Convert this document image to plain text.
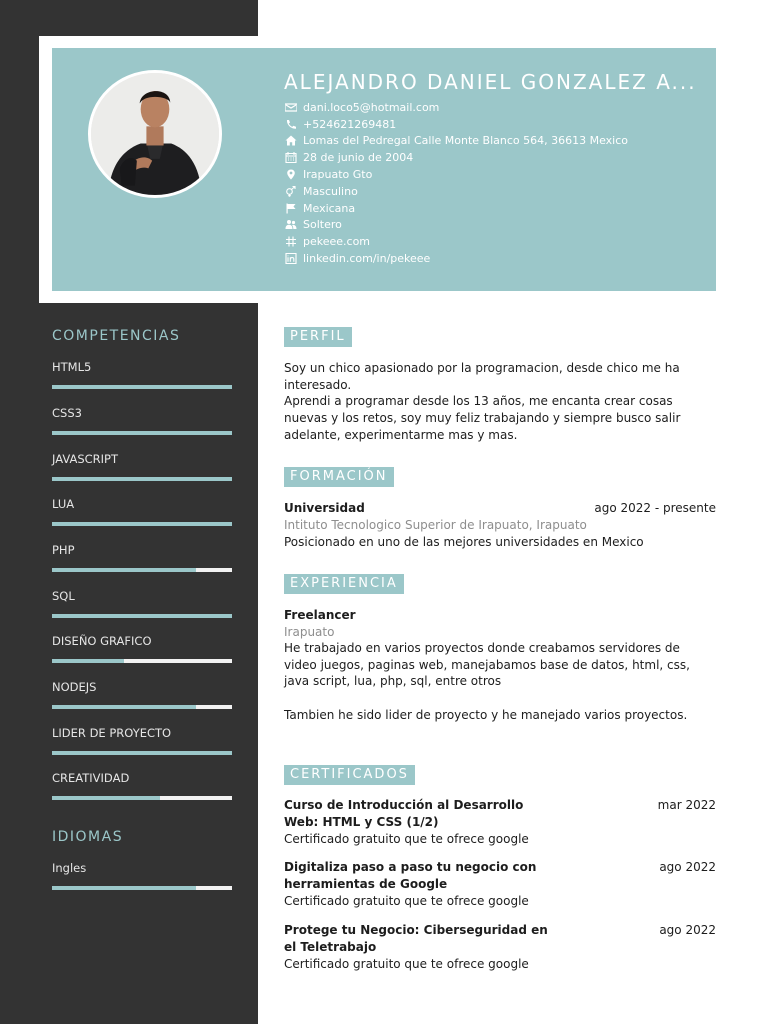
ALEJANDRO DANIEL GONZALEZ A...
dani.loco5@hotmail.com
+524621269481
Lomas del Pedregal Calle Monte Blanco 564, 36613 Mexico
28 de junio de 2004
Irapuato Gto
Masculino
Mexicana
Soltero
pekeee.com
linkedin.com/in/pekeee
COMPETENCIAS
HTML5
CSS3
JAVASCRIPT
LUA
PHP
SQL
DISEÑO GRAFICO
NODEJS
LIDER DE PROYECTO
CREATIVIDAD
IDIOMAS
Ingles
PERFIL
Soy un chico apasionado por la programacion, desde chico me ha interesado.
Aprendi a programar desde los 13 años, me encanta crear cosas nuevas y los retos, soy muy feliz trabajando y siempre busco salir adelante, experimentarme mas y mas.
FORMACIÓN
Universidad	ago 2022 - presente
Intituto Tecnologico Superior de Irapuato, Irapuato
Posicionado en uno de las mejores universidades en Mexico
EXPERIENCIA
Freelancer
Irapuato
He trabajado en varios proyectos donde creabamos servidores de video juegos, paginas web, manejabamos base de datos, html, css, java script, lua, php, sql, entre otros

Tambien he sido lider de proyecto y he manejado varios proyectos.
CERTIFICADOS
Curso de Introducción al Desarrollo Web: HTML y CSS (1/2)
mar 2022
Certificado gratuito que te ofrece google
Digitaliza paso a paso tu negocio con herramientas de Google
ago 2022
Certificado gratuito que te ofrece google
Protege tu Negocio: Ciberseguridad en el Teletrabajo
ago 2022
Certificado gratuito que te ofrece google
